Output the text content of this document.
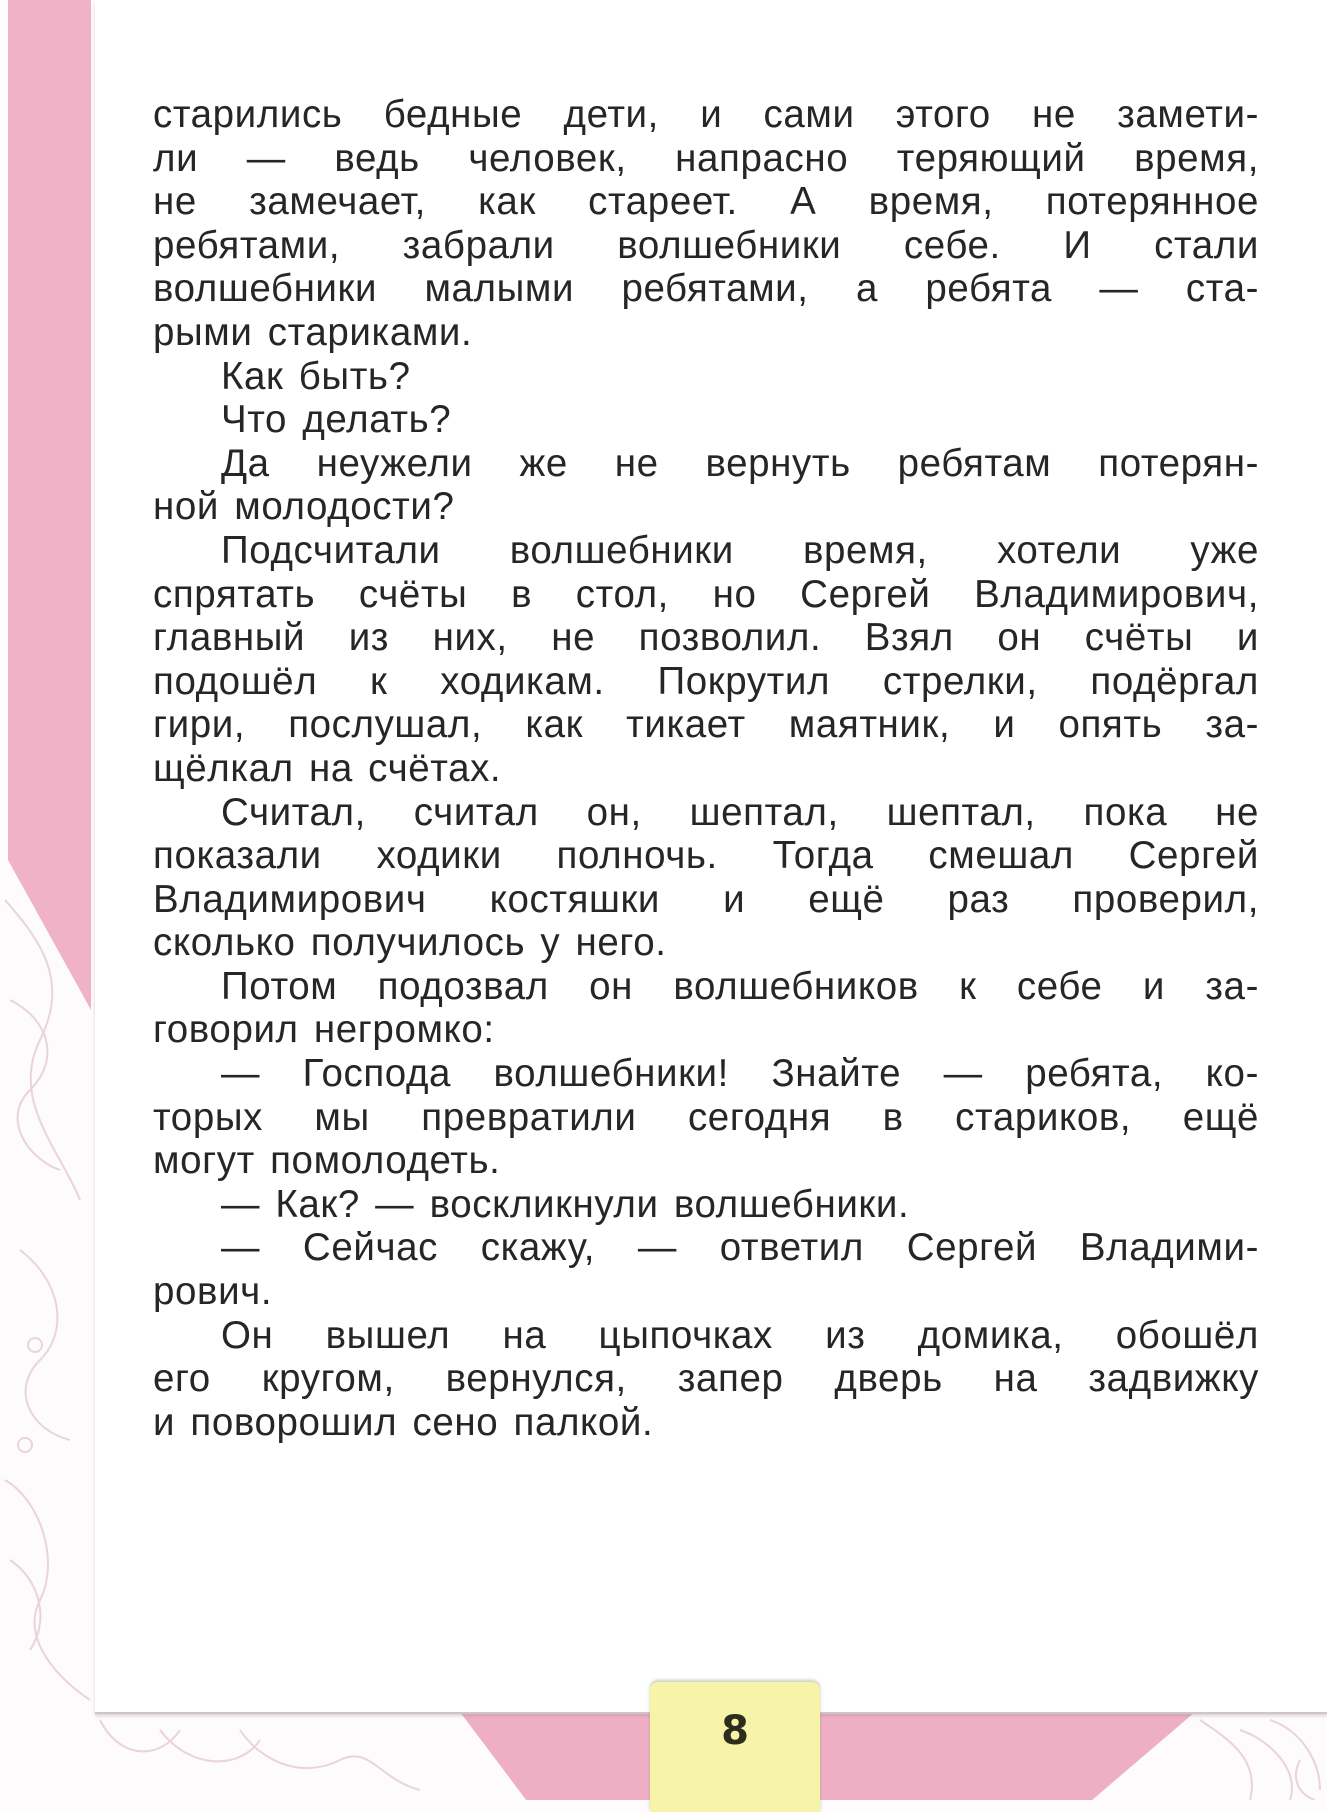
старились бедные дети, и сами этого не замети-
ли — ведь человек, напрасно теряющий время,
не замечает, как стареет. А время, потерянное
ребятами, забрали волшебники себе. И стали
волшебники малыми ребятами, а ребята — ста-
рыми стариками.
Как быть?
Что делать?
Да неужели же не вернуть ребятам потерян-
ной молодости?
Подсчитали волшебники время, хотели уже
спрятать счёты в стол, но Сергей Владимирович,
главный из них, не позволил. Взял он счёты и
подошёл к ходикам. Покрутил стрелки, подёргал
гири, послушал, как тикает маятник, и опять за-
щёлкал на счётах.
Считал, считал он, шептал, шептал, пока не
показали ходики полночь. Тогда смешал Сергей
Владимирович костяшки и ещё раз проверил,
сколько получилось у него.
Потом подозвал он волшебников к себе и за-
говорил негромко:
— Господа волшебники! Знайте — ребята, ко-
торых мы превратили сегодня в стариков, ещё
могут помолодеть.
— Как? — воскликнули волшебники.
— Сейчас скажу, — ответил Сергей Владими-
рович.
Он вышел на цыпочках из домика, обошёл
его кругом, вернулся, запер дверь на задвижку
и поворошил сено палкой.
8
